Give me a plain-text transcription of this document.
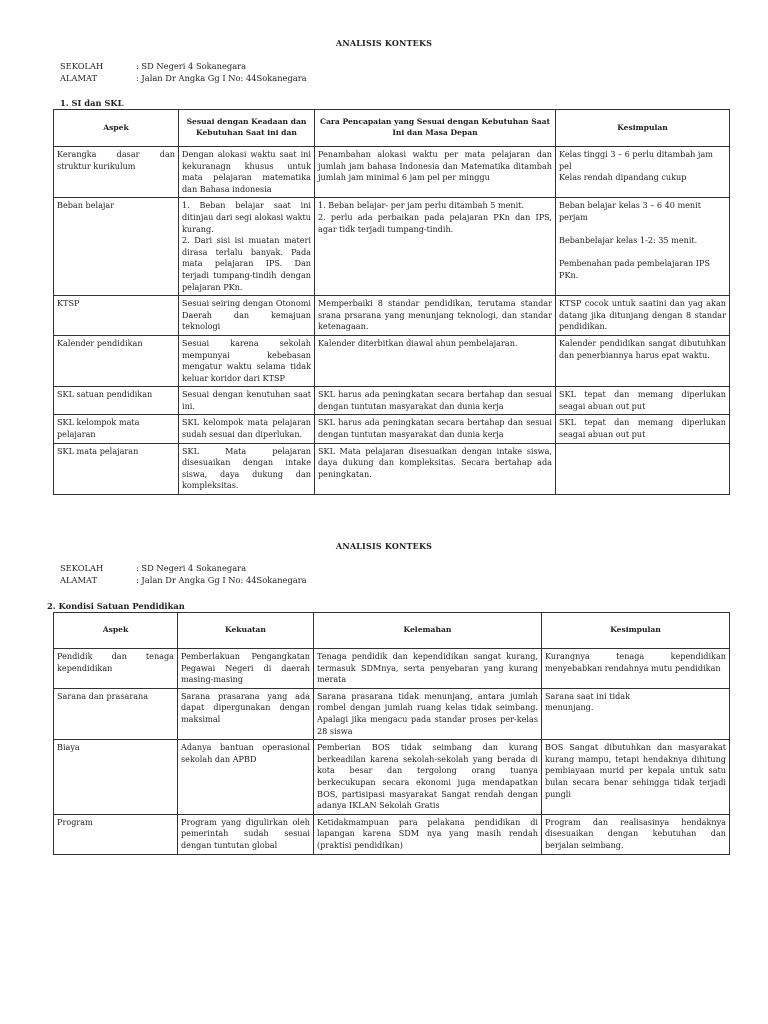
ANALISIS KONTEKS
SEKOLAH	: SD Negeri 4 Sokanegara
ALAMAT	: Jalan Dr Angka Gg I No: 44Sokanegara
1. SI dan SKL
Aspek	Sesuai dengan Keadaan dan Kebutuhan Saat ini dan	Cara Pencapaian yang Sesuai dengan Kebutuhan Saat Ini dan Masa Depan	Kesimpulan
Kerangka dasar dan struktur kurikulum	Dengan alokasi waktu saat ini kekuranagn khusus untuk mata pelajaran matematika dan Bahasa indonesia	Penambahan alokasi waktu per mata pelajaran dan jumlah jam bahasa Indonesia dan Matematika ditambah jumlah jam minimal 6 jam pel per minggu	Kelas tinggi 3 – 6 perlu ditambah jam pel
Kelas rendah dipandang cukup
Beban belajar	1. Beban belajar saat ini ditinjau dari segi alokasi waktu kurang.
2. Dari sisi isi muatan materi dirasa terlalu banyak. Pada mata pelajaran IPS. Dan terjadi tumpang-tindih dengan pelajaran PKn.	1. Beban belajar- per jam perlu ditambah 5 menit.
2. perlu ada perbaikan pada pelajaran PKn dan IPS, agar tidk terjadi tumpang-tindih.	Beban belajar kelas 3 – 6 40 menit perjam

Bebanbelajar kelas 1-2: 35 menit.

Pembenahan pada pembelajaran IPS PKn.
KTSP	Sesuai seiring dengan Otonomi Daerah dan kemajuan teknologi	Memperbaiki 8 standar pendidikan, terutama standar srana prsarana yang menunjang teknologi, dan standar ketenagaan.	KTSP cocok untuk saatini dan yag akan datang jika ditunjang dengan 8 standar pendidikan.
Kalender pendidikan	Sesuai karena sekolah mempunyai kebebasan mengatur waktu selama tidak keluar koridor dari KTSP	Kalender diterbitkan diawal ahun pembelajaran.	Kalender pendidikan sangat dibutuhkan dan penerbiannya harus epat waktu.
SKL satuan pendidikan	Sesuai dengan kenutuhan saat ini.	SKL harus ada peningkatan secara bertahap dan sesuai dengan tuntutan masyarakat dan dunia kerja	SKL tepat dan memang diperlukan seagai abuan out put
SKL kelompok mata pelajaran	SKL kelompok mata pelajaran sudah sesuai dan diperlukan.	SKL harus ada peningkatan secara bertahap dan sesuai dengan tuntutan masyarakat dan dunia kerja	SKL tepat dan memang diperlukan seagai abuan out put
SKL mata pelajaran	SKL Mata pelajaran disesuaikan dengan intake siswa, daya dukung dan kompleksitas.	SKL Mata pelajaran disesuaikan dengan intake siswa, daya dukung dan kompleksitas. Secara bertahap ada peningkatan.	
ANALISIS KONTEKS
SEKOLAH	: SD Negeri 4 Sokanegara
ALAMAT	: Jalan Dr Angka Gg I No: 44Sokanegara
2. Kondisi Satuan Pendidikan
Aspek	Kekuatan	Kelemahan	Kesimpulan
Pendidik dan tenaga kependidikan	Pemberlakuan Pengangkatan Pegawai Negeri di daerah masing-masing	Tenaga pendidik dan kependidikan sangat kurang, termasuk SDMnya, serta penyebaran yang kurang merata	Kurangnya tenaga kependidikan menyebabkan rendahnya mutu pendidikan
Sarana dan prasarana	Sarana prasarana yang ada dapat dipergunakan dengan maksimal	Sarana prasarana tidak menunjang, antara jumlah rombel dengan jumlah ruang kelas tidak seimbang. Apalagi jika mengacu pada standar proses per-kelas 28 siswa	Sarana saat ini tidak
menunjang.
Biaya	Adanya bantuan operasional sekolah dan APBD	Pemberian BOS tidak seimbang dan kurang berkeadilan karena sekolah-sekolah yang berada di kota besar dan tergolong orang tuanya berkecukupan secara ekonomi juga mendapatkan BOS, partisipasi masyarakat Sangat rendah dengan adanya IKLAN Sekolah Gratis	BOS Sangat dibutuhkan dan masyarakat kurang mampu, tetapi hendaknya dihitung pembiayaan murid per kepala untuk satu bulan secara benar sehingga tidak terjadi pungli
Program	Program yang digulirkan oleh pemerintah sudah sesuai dengan tuntutan global	Ketidakmampuan para pelakana pendidikan di lapangan karena SDM nya yang masih rendah (praktisi pendidikan)	Program dan realisasinya hendaknya disesuaikan dengan kebutuhan dan berjalan seimbang.
